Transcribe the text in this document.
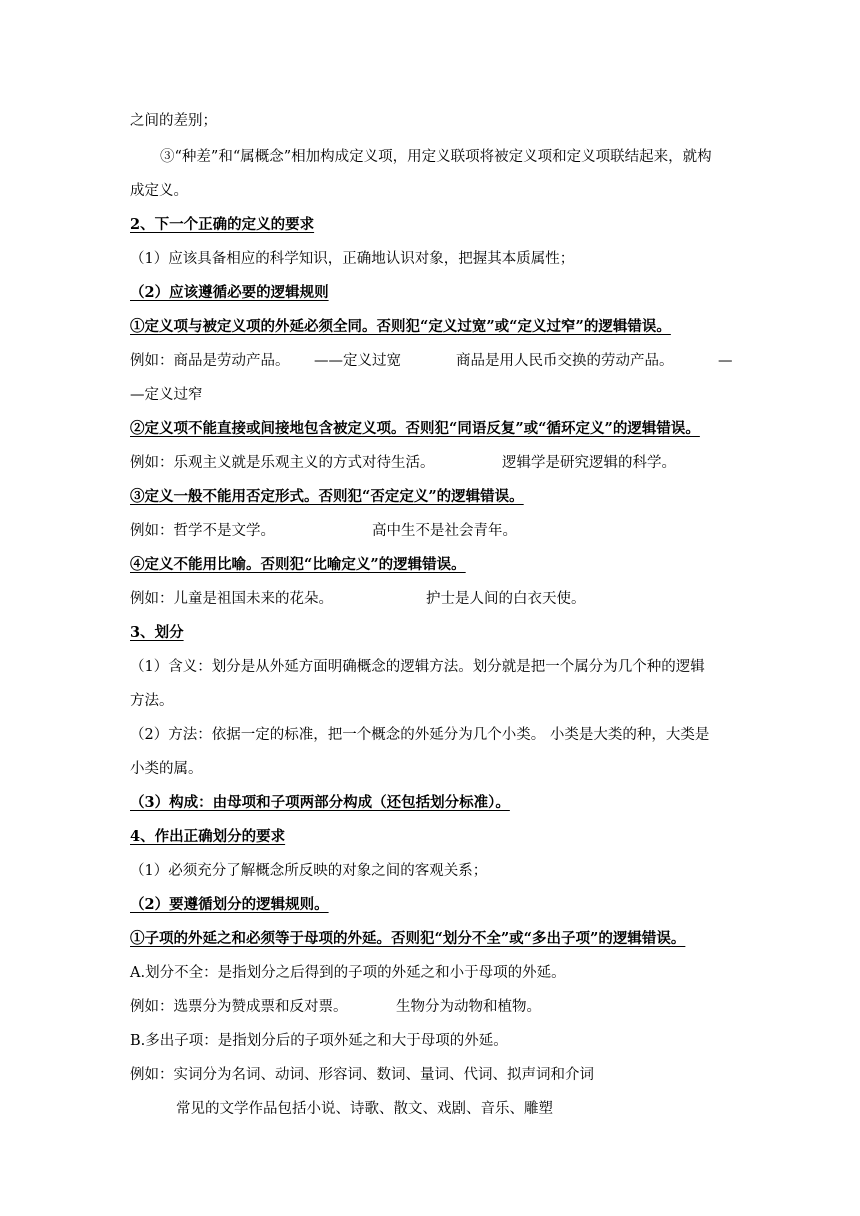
之间的差别；
③“种差”和“属概念”相加构成定义项，用定义联项将被定义项和定义项联结起来，就构
成定义。
2、下一个正确的定义的要求
（1）应该具备相应的科学知识，正确地认识对象，把握其本质属性；
（2）应该遵循必要的逻辑规则
①定义项与被定义项的外延必须全同。否则犯“定义过宽”或“定义过窄”的逻辑错误。
例如：商品是劳动产品。 ——定义过宽	商品是用人民币交换的劳动产品。	—
—定义过窄
②定义项不能直接或间接地包含被定义项。否则犯“同语反复”或“循环定义”的逻辑错误。
例如：乐观主义就是乐观主义的方式对待生活。	逻辑学是研究逻辑的科学。
③定义一般不能用否定形式。否则犯“否定定义”的逻辑错误。
例如：哲学不是文学。	高中生不是社会青年。
④定义不能用比喻。否则犯“比喻定义”的逻辑错误。
例如：儿童是祖国未来的花朵。	护士是人间的白衣天使。
3、划分
（1）含义：划分是从外延方面明确概念的逻辑方法。划分就是把一个属分为几个种的逻辑
方法。
（2）方法：依据一定的标准，把一个概念的外延分为几个小类。 小类是大类的种，大类是
小类的属。
（3）构成：由母项和子项两部分构成（还包括划分标准）。
4、作出正确划分的要求
（1）必须充分了解概念所反映的对象之间的客观关系；
（2）要遵循划分的逻辑规则。
①子项的外延之和必须等于母项的外延。否则犯“划分不全”或“多出子项”的逻辑错误。
A.划分不全：是指划分之后得到的子项的外延之和小于母项的外延。
例如：选票分为赞成票和反对票。	生物分为动物和植物。
B.多出子项：是指划分后的子项外延之和大于母项的外延。
例如：实词分为名词、动词、形容词、数词、量词、代词、拟声词和介词
常见的文学作品包括小说、诗歌、散文、戏剧、音乐、雕塑
